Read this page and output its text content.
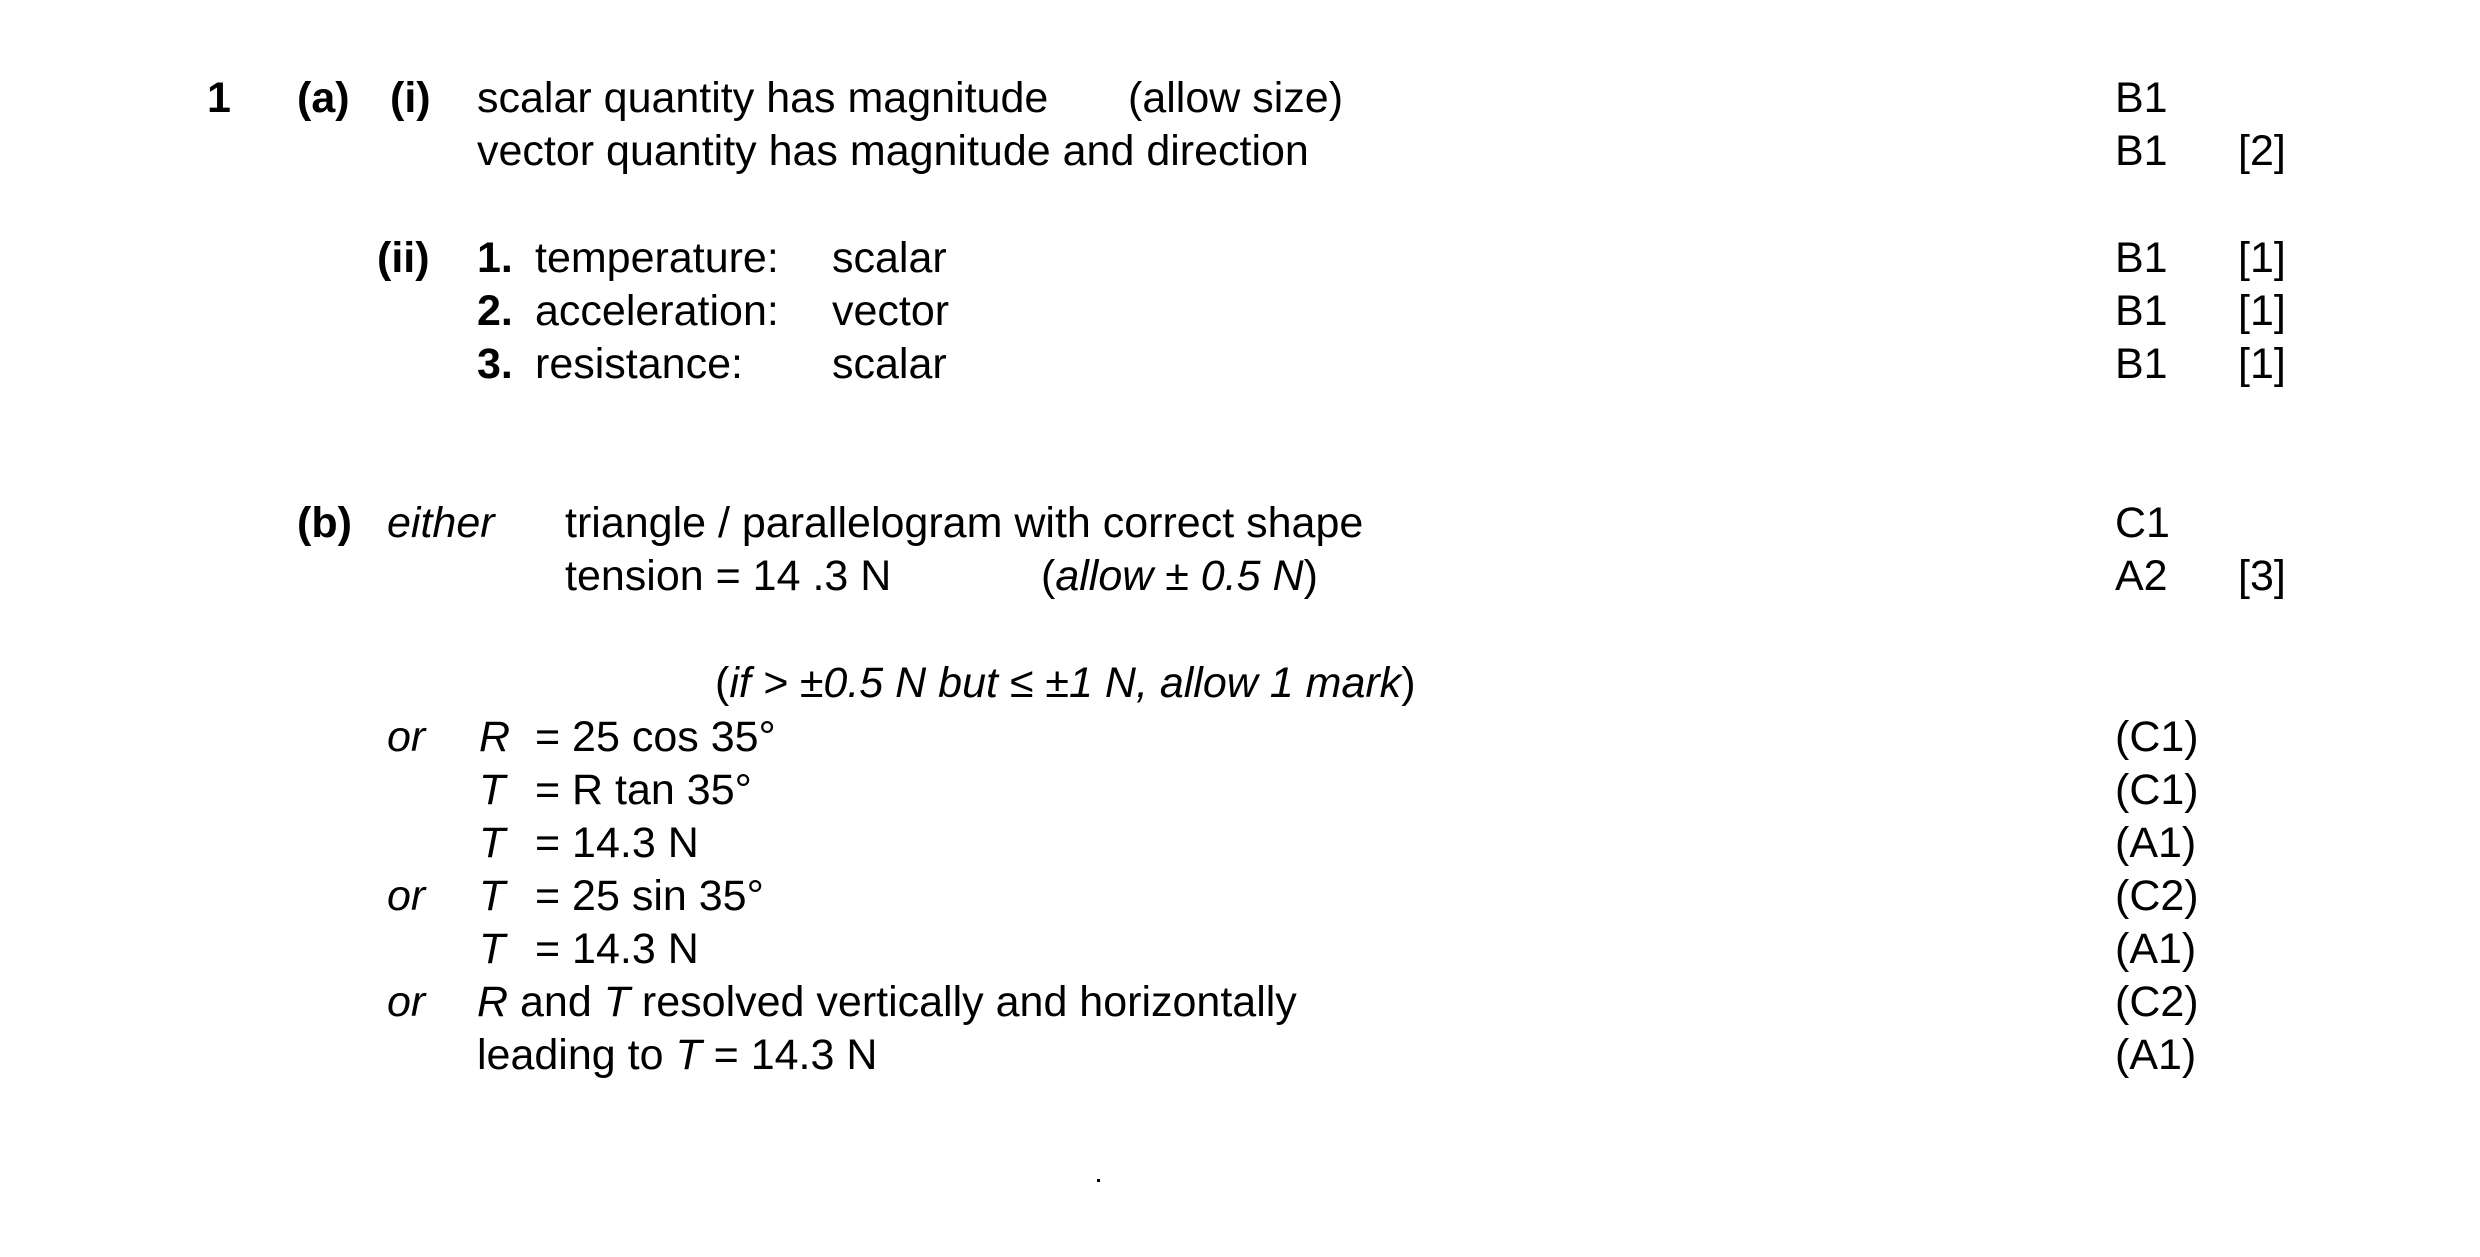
1 (a) (i) scalar quantity has magnitude (allow size)	B1
vector quantity has magnitude and direction	B1 [2]
(ii) 1. temperature: scalar	B1 [1]
2. acceleration: vector	B1 [1]
3. resistance: scalar	B1 [1]
(b) either triangle / parallelogram with correct shape	C1
tension = 14 .3 N	(allow ± 0.5 N)	A2 [3]
(if > ±0.5 N but ≤ ±1 N, allow 1 mark)
or R = 25 cos 35°	(C1)
T = R tan 35°	(C1)
T = 14.3 N	(A1)
or T = 25 sin 35°	(C2)
T = 14.3 N	(A1)
or R and T resolved vertically and horizontally	(C2)
leading to T = 14.3 N	(A1)
